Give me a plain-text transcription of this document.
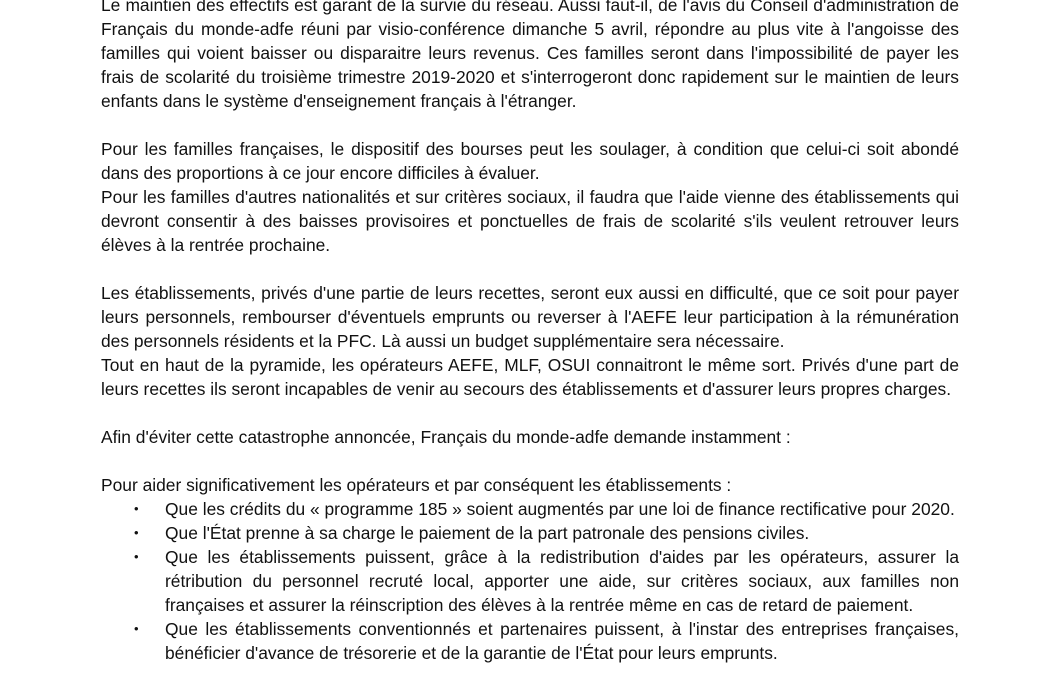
Le maintien des effectifs est garant de la survie du réseau. Aussi faut-il, de l'avis du Conseil d'administration de Français du monde-adfe réuni par visio-conférence dimanche 5 avril, répondre au plus vite à l'angoisse des familles qui voient baisser ou disparaitre leurs revenus. Ces familles seront dans l'impossibilité de payer les frais de scolarité du troisième trimestre 2019-2020 et s'interrogeront donc rapidement sur le maintien de leurs enfants dans le système d'enseignement français à l'étranger.

Pour les familles françaises, le dispositif des bourses peut les soulager, à condition que celui-ci soit abondé dans des proportions à ce jour encore difficiles à évaluer.

Pour les familles d'autres nationalités et sur critères sociaux, il faudra que l'aide vienne des établissements qui devront consentir à des baisses provisoires et ponctuelles de frais de scolarité s'ils veulent retrouver leurs élèves à la rentrée prochaine.

Les établissements, privés d'une partie de leurs recettes, seront eux aussi en difficulté, que ce soit pour payer leurs personnels, rembourser d'éventuels emprunts ou reverser à l'AEFE leur participation à la rémunération des personnels résidents et la PFC. Là aussi un budget supplémentaire sera nécessaire.

Tout en haut de la pyramide, les opérateurs AEFE, MLF, OSUI connaitront le même sort. Privés d'une part de leurs recettes ils seront incapables de venir au secours des établissements et d'assurer leurs propres charges.

Afin d'éviter cette catastrophe annoncée, Français du monde-adfe demande instamment :

Pour aider significativement les opérateurs et par conséquent les établissements :

• Que les crédits du « programme 185 » soient augmentés par une loi de finance rectificative pour 2020.
• Que l'État prenne à sa charge le paiement de la part patronale des pensions civiles.
• Que les établissements puissent, grâce à la redistribution d'aides par les opérateurs, assurer la rétribution du personnel recruté local, apporter une aide, sur critères sociaux, aux familles non françaises et assurer la réinscription des élèves à la rentrée même en cas de retard de paiement.
• Que les établissements conventionnés et partenaires puissent, à l'instar des entreprises françaises, bénéficier d'avance de trésorerie et de la garantie de l'État pour leurs emprunts.
